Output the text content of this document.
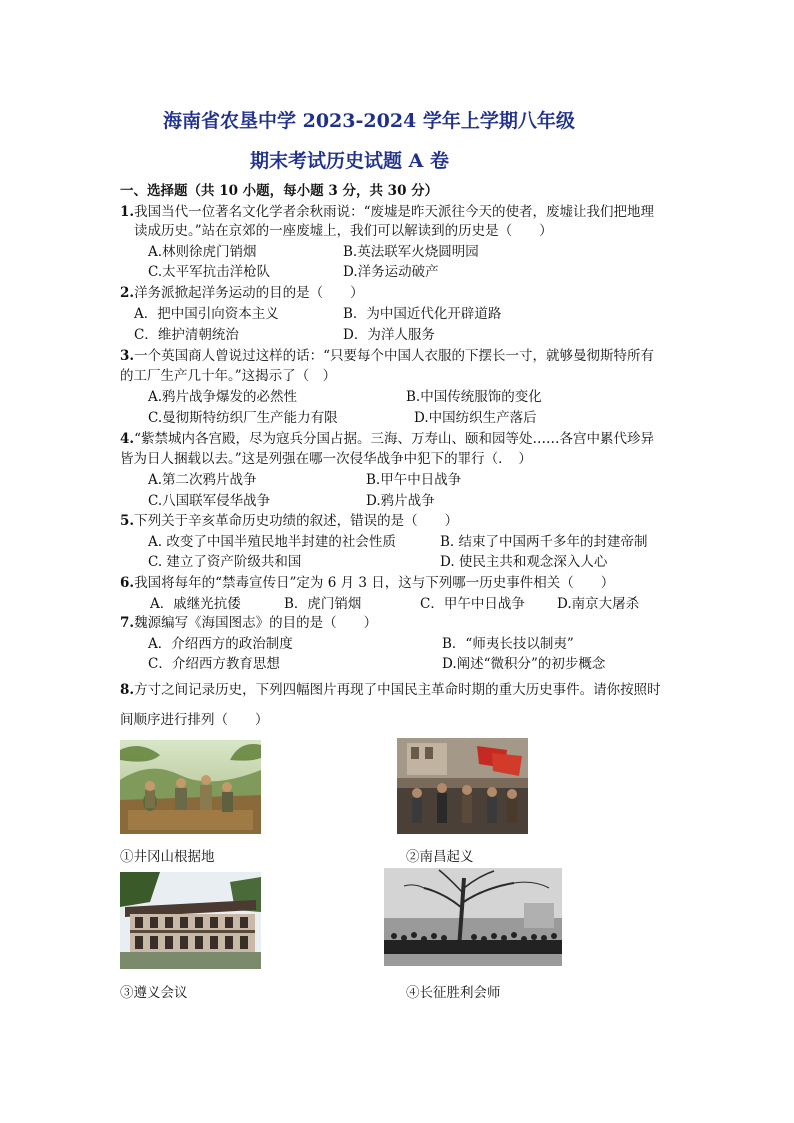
海南省农垦中学 2023-2024 学年上学期八年级
期末考试历史试题 A 卷
一、选择题（共 10 小题，每小题 3 分，共 30 分）
1.我国当代一位著名文化学者余秋雨说：“废墟是昨天派往今天的使者，废墟让我们把地理
读成历史。”站在京郊的一座废墟上，我们可以解读到的历史是（　　）
A.林则徐虎门销烟	B.英法联军火烧圆明园
C.太平军抗击洋枪队	D.洋务运动破产
2.洋务派掀起洋务运动的目的是（　　）
A．把中国引向资本主义	B．为中国近代化开辟道路
C．维护清朝统治	D．为洋人服务
3.一个英国商人曾说过这样的话：“只要每个中国人衣服的下摆长一寸，就够曼彻斯特所有
的工厂生产几十年。”这揭示了（　）
A.鸦片战争爆发的必然性	B.中国传统服饰的变化
C.曼彻斯特纺织厂生产能力有限	D.中国纺织生产落后
4.“紫禁城内各宫殿，尽为寇兵分国占据。三海、万寿山、颐和园等处……各宫中累代珍异
皆为日人捆载以去。”这是列强在哪一次侵华战争中犯下的罪行（．　）
A.第二次鸦片战争	B.甲午中日战争
C.八国联军侵华战争	D.鸦片战争
5.下列关于辛亥革命历史功绩的叙述，错误的是（　　）
A. 改变了中国半殖民地半封建的社会性质	B. 结束了中国两千多年的封建帝制
C. 建立了资产阶级共和国	D. 使民主共和观念深入人心
6.我国将每年的“禁毒宣传日”定为 6 月 3 日，这与下列哪一历史事件相关（　　）
A．戚继光抗倭	B．虎门销烟	C．甲午中日战争 D.南京大屠杀
7.魏源编写《海国图志》的目的是（　　）
A．介绍西方的政治制度	B．“师夷长技以制夷”
C．介绍西方教育思想	D.阐述“微积分”的初步概念
8.方寸之间记录历史，下列四幅图片再现了中国民主革命时期的重大历史事件。请你按照时
间顺序进行排列（　　）
①井冈山根据地	②南昌起义
③遵义会议	④长征胜利会师
